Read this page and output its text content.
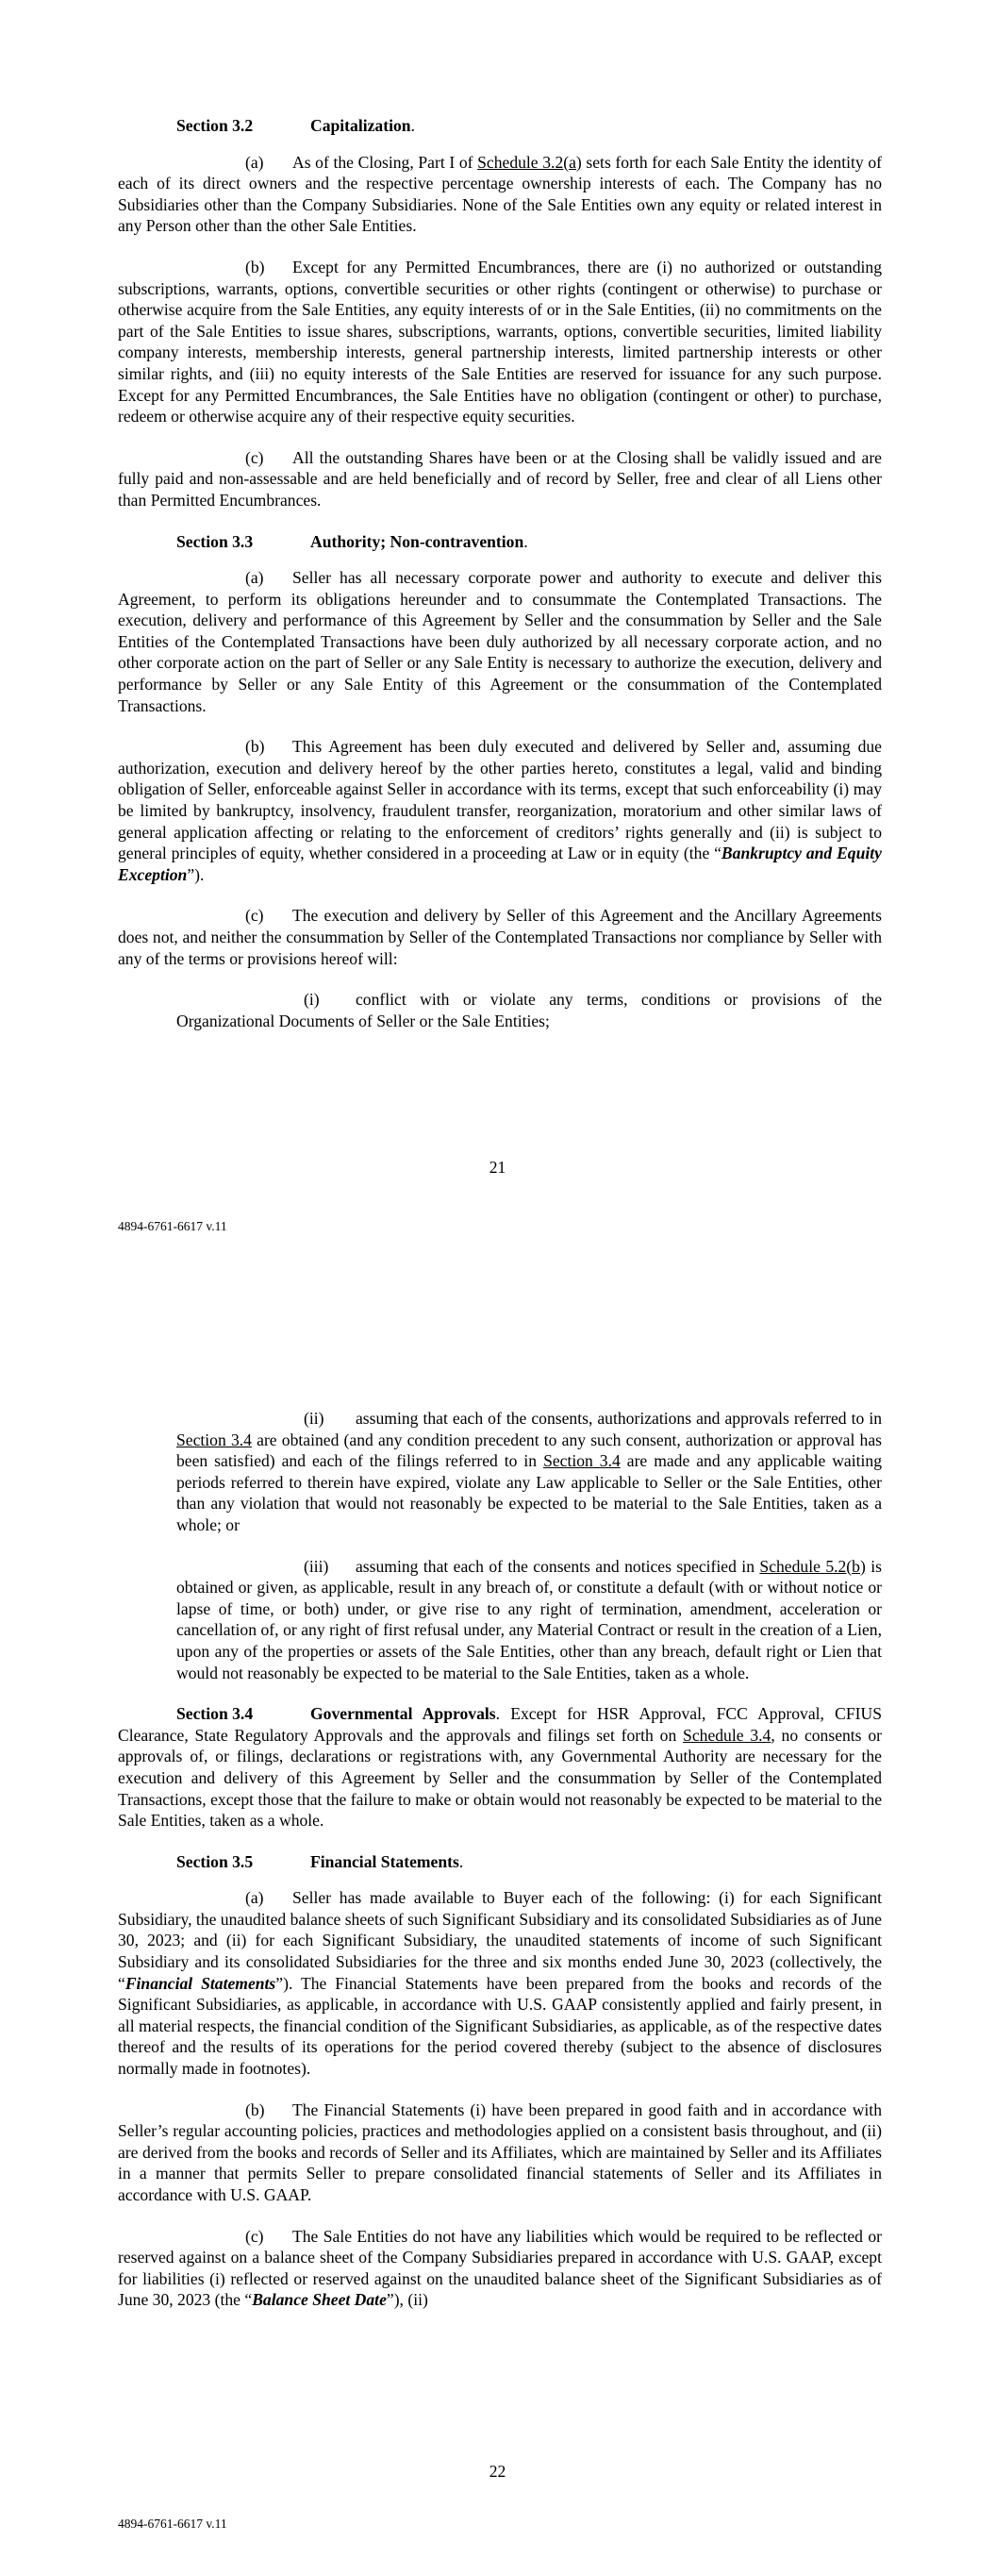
Section 3.2	Capitalization.

(a) As of the Closing, Part I of Schedule 3.2(a) sets forth for each Sale Entity the identity of each of its direct owners and the respective percentage ownership interests of each. The Company has no Subsidiaries other than the Company Subsidiaries. None of the Sale Entities own any equity or related interest in any Person other than the other Sale Entities.

(b) Except for any Permitted Encumbrances, there are (i) no authorized or outstanding subscriptions, warrants, options, convertible securities or other rights (contingent or otherwise) to purchase or otherwise acquire from the Sale Entities, any equity interests of or in the Sale Entities, (ii) no commitments on the part of the Sale Entities to issue shares, subscriptions, warrants, options, convertible securities, limited liability company interests, membership interests, general partnership interests, limited partnership interests or other similar rights, and (iii) no equity interests of the Sale Entities are reserved for issuance for any such purpose. Except for any Permitted Encumbrances, the Sale Entities have no obligation (contingent or other) to purchase, redeem or otherwise acquire any of their respective equity securities.

(c) All the outstanding Shares have been or at the Closing shall be validly issued and are fully paid and non-assessable and are held beneficially and of record by Seller, free and clear of all Liens other than Permitted Encumbrances.

Section 3.3	Authority; Non-contravention.

(a) Seller has all necessary corporate power and authority to execute and deliver this Agreement, to perform its obligations hereunder and to consummate the Contemplated Transactions. The execution, delivery and performance of this Agreement by Seller and the consummation by Seller and the Sale Entities of the Contemplated Transactions have been duly authorized by all necessary corporate action, and no other corporate action on the part of Seller or any Sale Entity is necessary to authorize the execution, delivery and performance by Seller or any Sale Entity of this Agreement or the consummation of the Contemplated Transactions.

(b) This Agreement has been duly executed and delivered by Seller and, assuming due authorization, execution and delivery hereof by the other parties hereto, constitutes a legal, valid and binding obligation of Seller, enforceable against Seller in accordance with its terms, except that such enforceability (i) may be limited by bankruptcy, insolvency, fraudulent transfer, reorganization, moratorium and other similar laws of general application affecting or relating to the enforcement of creditors’ rights generally and (ii) is subject to general principles of equity, whether considered in a proceeding at Law or in equity (the “Bankruptcy and Equity Exception”).

(c) The execution and delivery by Seller of this Agreement and the Ancillary Agreements does not, and neither the consummation by Seller of the Contemplated Transactions nor compliance by Seller with any of the terms or provisions hereof will:

(i) conflict with or violate any terms, conditions or provisions of the Organizational Documents of Seller or the Sale Entities;

21
4894-6761-6617 v.11

(ii) assuming that each of the consents, authorizations and approvals referred to in Section 3.4 are obtained (and any condition precedent to any such consent, authorization or approval has been satisfied) and each of the filings referred to in Section 3.4 are made and any applicable waiting periods referred to therein have expired, violate any Law applicable to Seller or the Sale Entities, other than any violation that would not reasonably be expected to be material to the Sale Entities, taken as a whole; or

(iii) assuming that each of the consents and notices specified in Schedule 5.2(b) is obtained or given, as applicable, result in any breach of, or constitute a default (with or without notice or lapse of time, or both) under, or give rise to any right of termination, amendment, acceleration or cancellation of, or any right of first refusal under, any Material Contract or result in the creation of a Lien, upon any of the properties or assets of the Sale Entities, other than any breach, default right or Lien that would not reasonably be expected to be material to the Sale Entities, taken as a whole.

Section 3.4	Governmental Approvals. Except for HSR Approval, FCC Approval, CFIUS Clearance, State Regulatory Approvals and the approvals and filings set forth on Schedule 3.4, no consents or approvals of, or filings, declarations or registrations with, any Governmental Authority are necessary for the execution and delivery of this Agreement by Seller and the consummation by Seller of the Contemplated Transactions, except those that the failure to make or obtain would not reasonably be expected to be material to the Sale Entities, taken as a whole.

Section 3.5	Financial Statements.

(a) Seller has made available to Buyer each of the following: (i) for each Significant Subsidiary, the unaudited balance sheets of such Significant Subsidiary and its consolidated Subsidiaries as of June 30, 2023; and (ii) for each Significant Subsidiary, the unaudited statements of income of such Significant Subsidiary and its consolidated Subsidiaries for the three and six months ended June 30, 2023 (collectively, the “Financial Statements”). The Financial Statements have been prepared from the books and records of the Significant Subsidiaries, as applicable, in accordance with U.S. GAAP consistently applied and fairly present, in all material respects, the financial condition of the Significant Subsidiaries, as applicable, as of the respective dates thereof and the results of its operations for the period covered thereby (subject to the absence of disclosures normally made in footnotes).

(b) The Financial Statements (i) have been prepared in good faith and in accordance with Seller’s regular accounting policies, practices and methodologies applied on a consistent basis throughout, and (ii) are derived from the books and records of Seller and its Affiliates, which are maintained by Seller and its Affiliates in a manner that permits Seller to prepare consolidated financial statements of Seller and its Affiliates in accordance with U.S. GAAP.

(c) The Sale Entities do not have any liabilities which would be required to be reflected or reserved against on a balance sheet of the Company Subsidiaries prepared in accordance with U.S. GAAP, except for liabilities (i) reflected or reserved against on the unaudited balance sheet of the Significant Subsidiaries as of June 30, 2023 (the “Balance Sheet Date”), (ii)

22
4894-6761-6617 v.11
